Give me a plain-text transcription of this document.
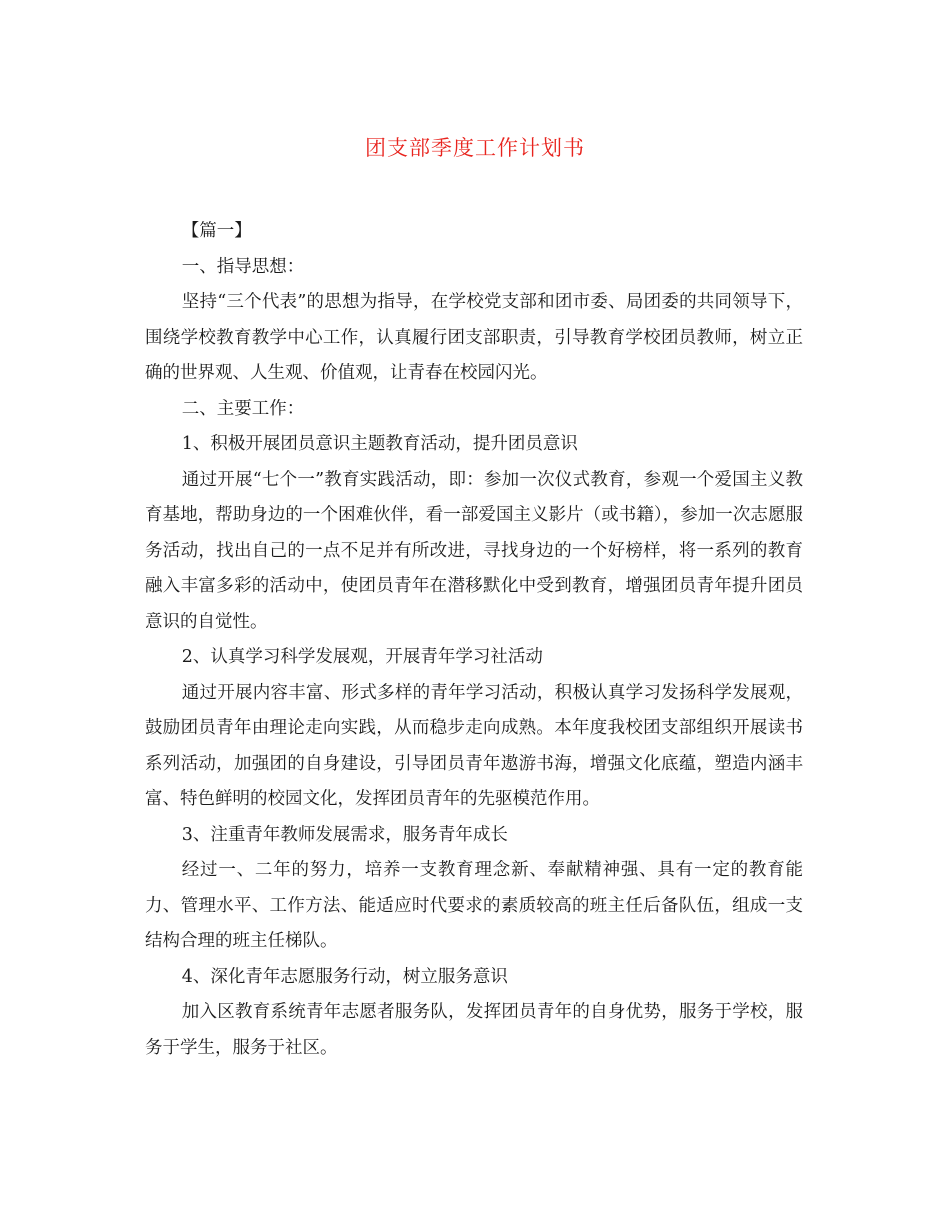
团支部季度工作计划书

【篇一】

一、指导思想：

坚持“三个代表”的思想为指导，在学校党支部和团市委、局团委的共同领导下，围绕学校教育教学中心工作，认真履行团支部职责，引导教育学校团员教师，树立正确的世界观、人生观、价值观，让青春在校园闪光。

二、主要工作：

1、积极开展团员意识主题教育活动，提升团员意识

通过开展“七个一”教育实践活动，即：参加一次仪式教育，参观一个爱国主义教育基地，帮助身边的一个困难伙伴，看一部爱国主义影片（或书籍），参加一次志愿服务活动，找出自己的一点不足并有所改进，寻找身边的一个好榜样，将一系列的教育融入丰富多彩的活动中，使团员青年在潜移默化中受到教育，增强团员青年提升团员意识的自觉性。

2、认真学习科学发展观，开展青年学习社活动

通过开展内容丰富、形式多样的青年学习活动，积极认真学习发扬科学发展观，鼓励团员青年由理论走向实践，从而稳步走向成熟。本年度我校团支部组织开展读书系列活动，加强团的自身建设，引导团员青年遨游书海，增强文化底蕴，塑造内涵丰富、特色鲜明的校园文化，发挥团员青年的先驱模范作用。

3、注重青年教师发展需求，服务青年成长

经过一、二年的努力，培养一支教育理念新、奉献精神强、具有一定的教育能力、管理水平、工作方法、能适应时代要求的素质较高的班主任后备队伍，组成一支结构合理的班主任梯队。

4、深化青年志愿服务行动，树立服务意识

加入区教育系统青年志愿者服务队，发挥团员青年的自身优势，服务于学校，服务于学生，服务于社区。
